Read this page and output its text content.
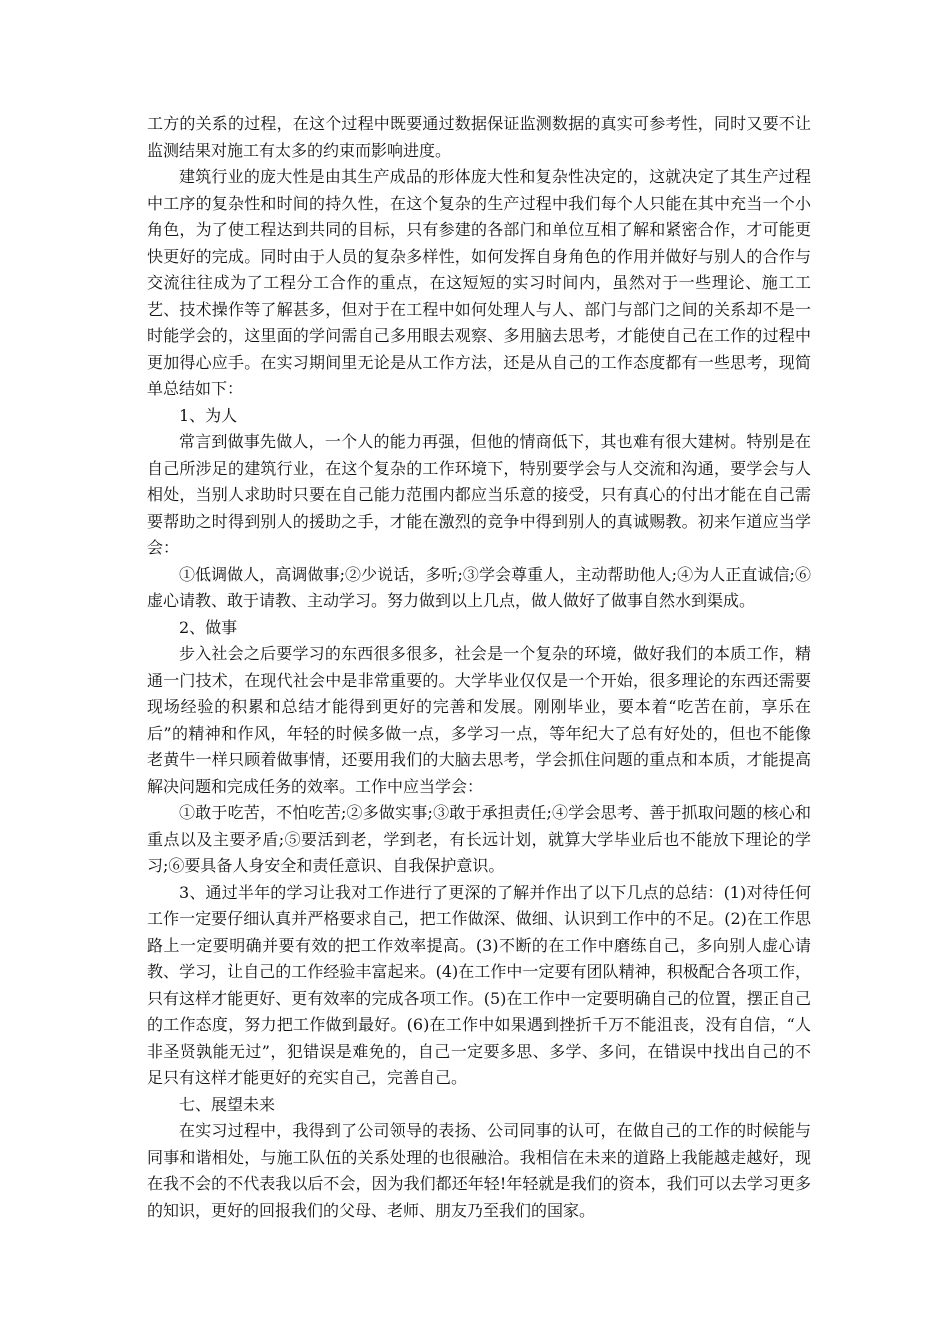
工方的关系的过程，在这个过程中既要通过数据保证监测数据的真实可参考性，同时又要不让监测结果对施工有太多的约束而影响进度。

建筑行业的庞大性是由其生产成品的形体庞大性和复杂性决定的，这就决定了其生产过程中工序的复杂性和时间的持久性，在这个复杂的生产过程中我们每个人只能在其中充当一个小角色，为了使工程达到共同的目标，只有参建的各部门和单位互相了解和紧密合作，才可能更快更好的完成。同时由于人员的复杂多样性，如何发挥自身角色的作用并做好与别人的合作与交流往往成为了工程分工合作的重点，在这短短的实习时间内，虽然对于一些理论、施工工艺、技术操作等了解甚多，但对于在工程中如何处理人与人、部门与部门之间的关系却不是一时能学会的，这里面的学问需自己多用眼去观察、多用脑去思考，才能使自己在工作的过程中更加得心应手。在实习期间里无论是从工作方法，还是从自己的工作态度都有一些思考，现简单总结如下：

1、为人

常言到做事先做人，一个人的能力再强，但他的情商低下，其也难有很大建树。特别是在自己所涉足的建筑行业，在这个复杂的工作环境下，特别要学会与人交流和沟通，要学会与人相处，当别人求助时只要在自己能力范围内都应当乐意的接受，只有真心的付出才能在自己需要帮助之时得到别人的援助之手，才能在激烈的竞争中得到别人的真诚赐教。初来乍道应当学会：

①低调做人，高调做事;②少说话，多听;③学会尊重人，主动帮助他人;④为人正直诚信;⑥虚心请教、敢于请教、主动学习。努力做到以上几点，做人做好了做事自然水到渠成。

2、做事

步入社会之后要学习的东西很多很多，社会是一个复杂的环境，做好我们的本质工作，精通一门技术，在现代社会中是非常重要的。大学毕业仅仅是一个开始，很多理论的东西还需要现场经验的积累和总结才能得到更好的完善和发展。刚刚毕业，要本着“吃苦在前，享乐在后”的精神和作风，年轻的时候多做一点，多学习一点，等年纪大了总有好处的，但也不能像老黄牛一样只顾着做事情，还要用我们的大脑去思考，学会抓住问题的重点和本质，才能提高解决问题和完成任务的效率。工作中应当学会：

①敢于吃苦，不怕吃苦;②多做实事;③敢于承担责任;④学会思考、善于抓取问题的核心和重点以及主要矛盾;⑤要活到老，学到老，有长远计划，就算大学毕业后也不能放下理论的学习;⑥要具备人身安全和责任意识、自我保护意识。

3、通过半年的学习让我对工作进行了更深的了解并作出了以下几点的总结：(1)对待任何工作一定要仔细认真并严格要求自己，把工作做深、做细、认识到工作中的不足。(2)在工作思路上一定要明确并要有效的把工作效率提高。(3)不断的在工作中磨练自己，多向别人虚心请教、学习，让自己的工作经验丰富起来。(4)在工作中一定要有团队精神，积极配合各项工作，只有这样才能更好、更有效率的完成各项工作。(5)在工作中一定要明确自己的位置，摆正自己的工作态度，努力把工作做到最好。(6)在工作中如果遇到挫折千万不能沮丧，没有自信，“人非圣贤孰能无过”，犯错误是难免的，自己一定要多思、多学、多问，在错误中找出自己的不足只有这样才能更好的充实自己，完善自己。

七、展望未来

在实习过程中，我得到了公司领导的表扬、公司同事的认可，在做自己的工作的时候能与同事和谐相处，与施工队伍的关系处理的也很融洽。我相信在未来的道路上我能越走越好，现在我不会的不代表我以后不会，因为我们都还年轻!年轻就是我们的资本，我们可以去学习更多的知识，更好的回报我们的父母、老师、朋友乃至我们的国家。
